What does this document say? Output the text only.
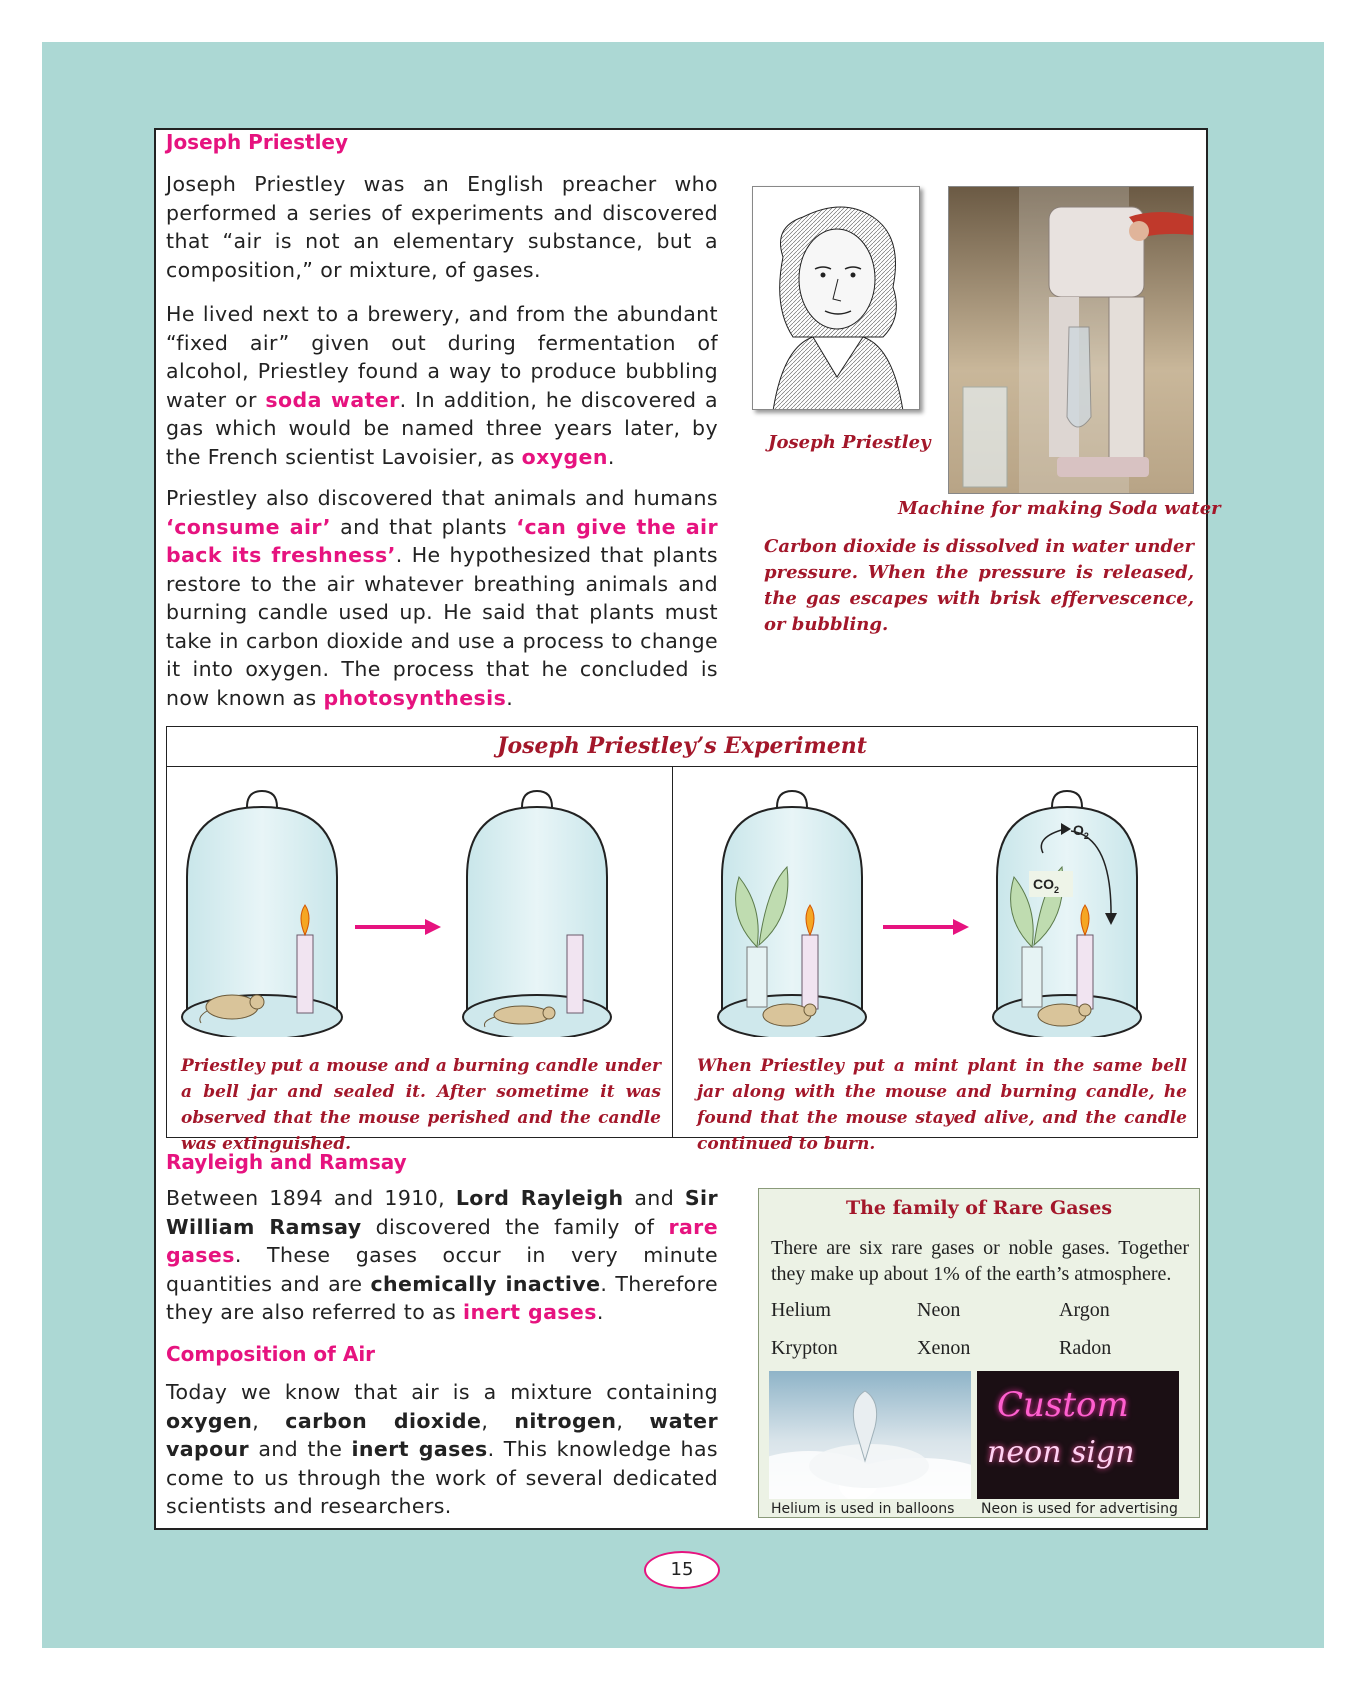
Joseph Priestley
Joseph Priestley was an English preacher who performed a series of experiments and discovered that “air is not an elementary substance, but a composition,” or mixture, of gases.
He lived next to a brewery, and from the abundant “fixed air” given out during fermentation of alcohol, Priestley found a way to produce bubbling water or soda water. In addition, he discovered a gas which would be named three years later, by the French scientist Lavoisier, as oxygen.
Priestley also discovered that animals and humans ‘consume air’ and that plants ‘can give the air back its freshness’. He hypothesized that plants restore to the air whatever breathing animals and burning candle used up. He said that plants must take in carbon dioxide and use a process to change it into oxygen. The process that he concluded is now known as photosynthesis.
Joseph Priestley
Machine for making Soda water
Carbon dioxide is dissolved in water under pressure. When the pressure is released, the gas escapes with brisk effervescence, or bubbling.
Joseph Priestley’s Experiment
$O_2$
$CO_2$
Priestley put a mouse and a burning candle under a bell jar and sealed it. After sometime it was observed that the mouse perished and the candle was extinguished.
When Priestley put a mint plant in the same bell jar along with the mouse and burning candle, he found that the mouse stayed alive, and the candle continued to burn.
Rayleigh and Ramsay
Between 1894 and 1910, Lord Rayleigh and Sir William Ramsay discovered the family of rare gases. These gases occur in very minute quantities and are chemically inactive. Therefore they are also referred to as inert gases.
Composition of Air
Today we know that air is a mixture containing oxygen, carbon dioxide, nitrogen, water vapour and the inert gases. This knowledge has come to us through the work of several dedicated scientists and researchers.
The family of Rare Gases
There are six rare gases or noble gases. Together they make up about 1% of the earth’s atmosphere.
Helium	Neon	Argon
Krypton	Xenon	Radon
Custom
neon sign
Helium is used in balloons Neon is used for advertising
15
